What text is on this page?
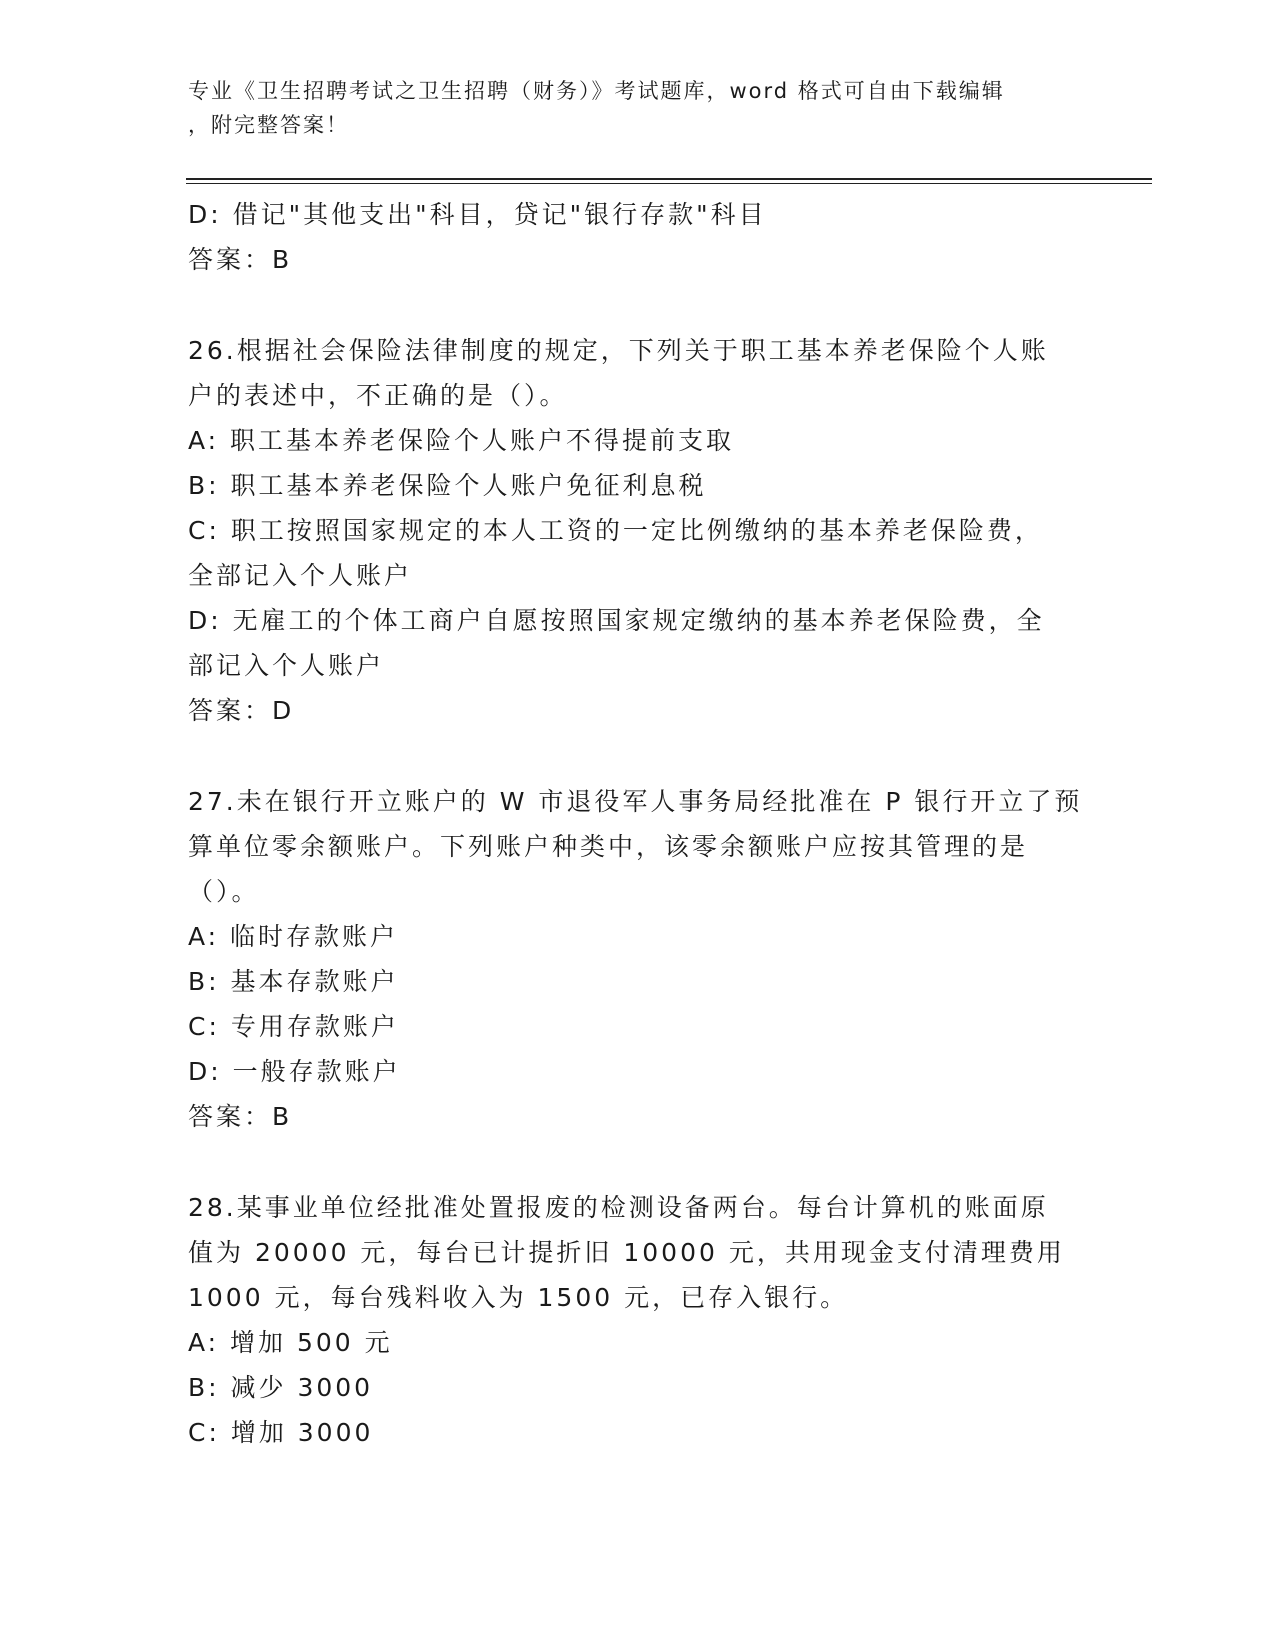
专业《卫生招聘考试之卫生招聘（财务）》考试题库，word 格式可自由下载编辑
，附完整答案！
D: 借记"其他支出"科目，贷记"银行存款"科目
答案：B
26.根据社会保险法律制度的规定，下列关于职工基本养老保险个人账
户的表述中，不正确的是（）。
A: 职工基本养老保险个人账户不得提前支取
B: 职工基本养老保险个人账户免征利息税
C: 职工按照国家规定的本人工资的一定比例缴纳的基本养老保险费，
全部记入个人账户
D: 无雇工的个体工商户自愿按照国家规定缴纳的基本养老保险费，全
部记入个人账户
答案：D
27.未在银行开立账户的 W 市退役军人事务局经批准在 P 银行开立了预
算单位零余额账户。下列账户种类中，该零余额账户应按其管理的是
（）。
A: 临时存款账户
B: 基本存款账户
C: 专用存款账户
D: 一般存款账户
答案：B
28.某事业单位经批准处置报废的检测设备两台。每台计算机的账面原
值为 20000 元，每台已计提折旧 10000 元，共用现金支付清理费用
1000 元，每台残料收入为 1500 元，已存入银行。
A: 增加 500 元
B: 减少 3000
C: 增加 3000
